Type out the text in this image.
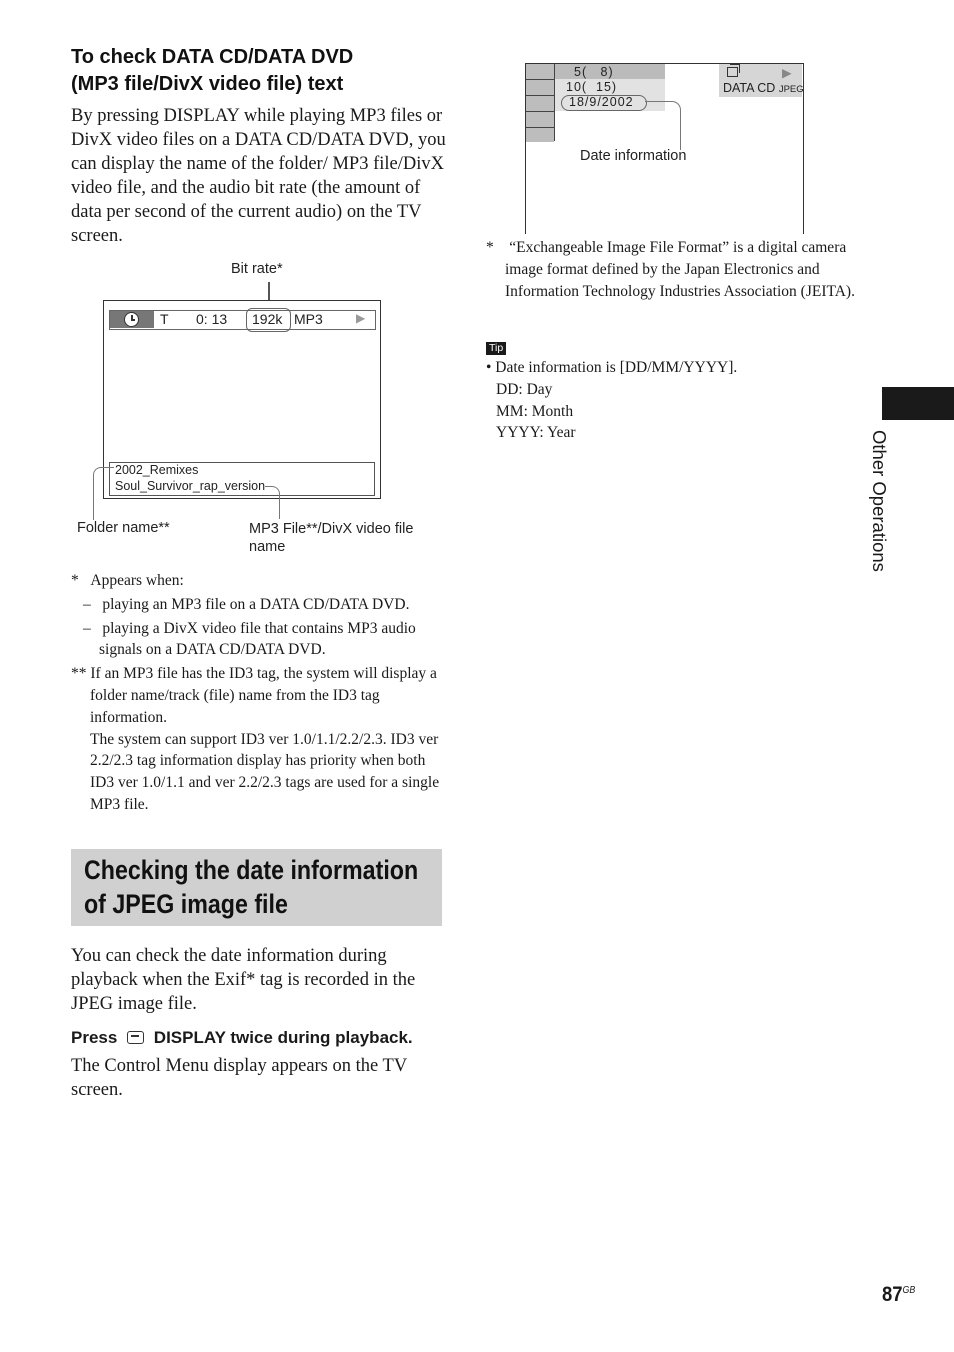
To check DATA CD/DATA DVD
(MP3 file/DivX video file) text
By pressing DISPLAY while playing MP3 files or DivX video files on a DATA CD/DATA DVD, you can display the name of the folder/ MP3 file/DivX video file, and the audio bit rate (the amount of data per second of the current audio) on the TV screen.
Bit rate*
T 0: 13 192k MP3	▶
2002_Remixes
Soul_Survivor_rap_version
Folder name**	MP3 File**/DivX video file
name
* Appears when:
– playing an MP3 file on a DATA CD/DATA DVD.
– playing a DivX video file that contains MP3 audio signals on a DATA CD/DATA DVD.
** If an MP3 file has the ID3 tag, the system will display a folder name/track (file) name from the ID3 tag information.
The system can support ID3 ver 1.0/1.1/2.2/2.3. ID3 ver 2.2/2.3 tag information display has priority when both ID3 ver 1.0/1.1 and ver 2.2/2.3 tags are used for a single MP3 file.
Checking the date information
of JPEG image file
You can check the date information during playback when the Exif* tag is recorded in the JPEG image file.
Press DISPLAY twice during playback.
The Control Menu display appears on the TV screen.
5(   8)
10(  15)
18/9/2002
▶
DATA CD JPEG
Date information
* “Exchangeable Image File Format” is a digital camera image format defined by the Japan Electronics and Information Technology Industries Association (JEITA).
Tip
• Date information is [DD/MM/YYYY].
DD: Day
MM: Month
YYYY: Year	Other Operations
$87^{GB}$
